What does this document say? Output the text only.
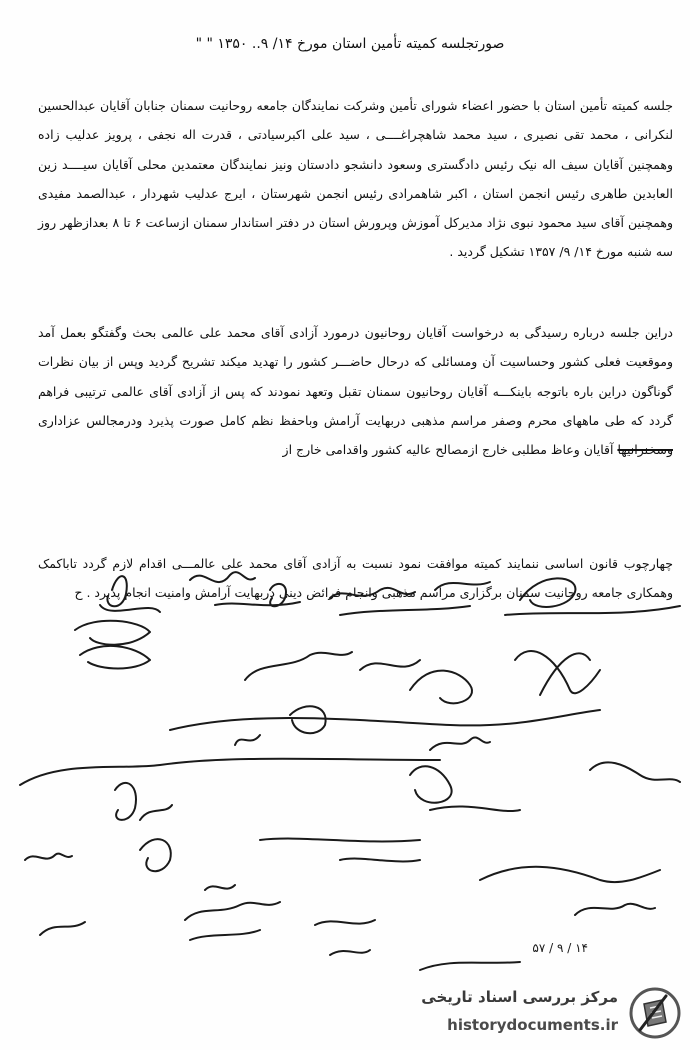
صورتجلسه کمیته تأمین استان مورخ ۱۴/ ۹.. ۱۳۵۰ " "
جلسه کمیته تأمین استان با حضور اعضاء شورای تأمین وشرکت نمایندگان جامعه روحانیت سمنان جنابان آقایان عبدالحسین لنکرانی ، محمد تقی نصیری ، سید محمد شاهچراغــــی ، سید علی اکبرسیادتی ، قدرت اله نجفی ، پرویز عدلیب زاده وهمچنین آقایان سیف اله نیک رئیس دادگستری وسعود دانشجو دادستان ونیز نمایندگان معتمدین محلی آقایان سیــــد زین العابدین طاهری رئیس انجمن استان ، اکبر شاهمرادی رئیس انجمن شهرستان ، ایرج عدلیب شهردار ، عبدالصمد مفیدی وهمچنین آقای سید محمود نبوی نژاد مدیرکل آموزش وپرورش استان در دفتر استاندار سمنان ازساعت ۶ تا ۸ بعدازظهر روز سه شنبه مورخ ۱۴/ ۹/ ۱۳۵۷ تشکیل گردید .
دراین جلسه درباره رسیدگی به درخواست آقایان روحانیون درمورد آزادی آقای محمد علی عالمی بحث وگفتگو بعمل آمد وموقعیت فعلی کشور وحساسیت آن ومسائلی که درحال حاضـــر کشور را تهدید میکند تشریح گردید وپس از بیان نظرات گوناگون دراین باره باتوجه باینکـــه آقایان روحانیون سمنان تقبل وتعهد نمودند که پس از آزادی آقای عالمی ترتیبی فراهم گردد که طی ماههای محرم وصفر مراسم مذهبی دربهایت آرامش وباحفظ نظم کامل صورت پذیرد ودرمجالس عزاداری وسخنرانیها آقایان وعاظ مطلبی خارج ازمصالح عالیه کشور واقدامی خارج از
چهارچوب قانون اساسی ننمایند کمیته موافقت نمود نسبت به آزادی آقای محمد علی عالمـــی اقدام لازم گردد تاباکمک وهمکاری جامعه روحانیت سمنان برگزاری مراسم مذهبی وانجام فرائض دینی دربهایت آرامش وامنیت انجام پذیرد . ح
۱۴ / ۹ / ۵۷
مرکز بررسی اسناد تاریخی
historydocuments.ir
